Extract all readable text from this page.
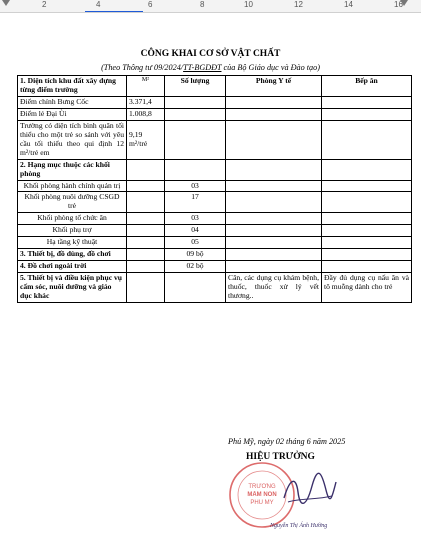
2	4	6	8	10	12	14	16
CÔNG KHAI CƠ SỞ VẬT CHẤT
(Theo Thông tư 09/2024/TT-BGDĐT của Bộ Giáo dục và Đào tạo)
1. Diện tích khu đất xây dựng từng điểm trường	$^{M^2}$	Số lượng	Phòng Y tế	Bếp ăn
Điểm chính Bưng Cốc	3.371,4			
Điểm lẻ Đại Ùi	1.008,8			
Trường có diện tích bình quân tối thiểu cho một trẻ so sánh với yêu cầu tối thiểu theo qui định 12 m²/trẻ em	9,19 m²/trẻ			
2. Hạng mục thuộc các khối phòng				
Khối phòng hành chính quản trị		03		
Khối phòng nuôi dưỡng CSGD trẻ		17		
Khối phòng tổ chức ăn		03		
Khối phụ trợ		04		
Hạ tầng kỹ thuật		05		
3. Thiết bị, đồ dùng, đồ chơi		09 bộ		
4. Đồ chơi ngoài trời		02 bộ		
5. Thiết bị và điều kiện phục vụ cấm sóc, nuôi dưỡng và giáo dục khác			Cân, các dụng cụ khám bệnh, thuốc, thuốc xử lý vết thương..	Đầy đủ dụng cụ nấu ăn và tô muỗng dành cho trẻ
Phú Mỹ, ngày 02 tháng 6 năm 2025
HIỆU TRƯỞNG
TRƯỜNG
MẦM NON
PHÚ MỸ
Nguyễn Thị Ánh Hường
